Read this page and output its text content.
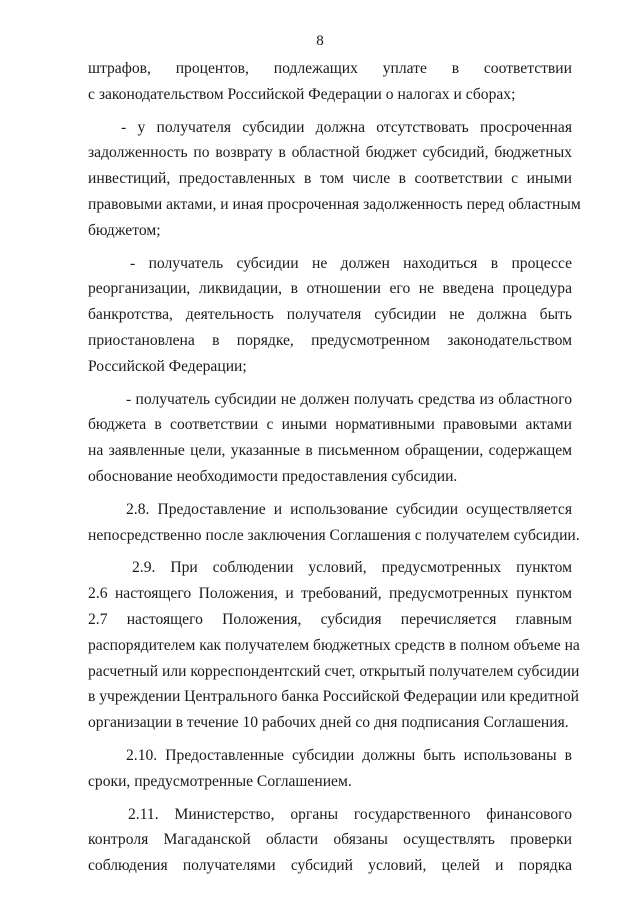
8
штрафов, процентов, подлежащих уплате в соответствии
с законодательством Российской Федерации о налогах и сборах;
- у получателя субсидии должна отсутствовать просроченная
задолженность по возврату в областной бюджет субсидий, бюджетных
инвестиций, предоставленных в том числе в соответствии с иными
правовыми актами, и иная просроченная задолженность перед областным
бюджетом;
- получатель субсидии не должен находиться в процессе
реорганизации, ликвидации, в отношении его не введена процедура
банкротства, деятельность получателя субсидии не должна быть
приостановлена в порядке, предусмотренном законодательством
Российской Федерации;
- получатель субсидии не должен получать средства из областного
бюджета в соответствии с иными нормативными правовыми актами
на заявленные цели, указанные в письменном обращении, содержащем
обоснование необходимости предоставления субсидии.
2.8. Предоставление и использование субсидии осуществляется
непосредственно после заключения Соглашения с получателем субсидии.
2.9. При соблюдении условий, предусмотренных пунктом
2.6 настоящего Положения, и требований, предусмотренных пунктом
2.7 настоящего Положения, субсидия перечисляется главным
распорядителем как получателем бюджетных средств в полном объеме на
расчетный или корреспондентский счет, открытый получателем субсидии
в учреждении Центрального банка Российской Федерации или кредитной
организации в течение 10 рабочих дней со дня подписания Соглашения.
2.10. Предоставленные субсидии должны быть использованы в
сроки, предусмотренные Соглашением.
2.11. Министерство, органы государственного финансового
контроля Магаданской области обязаны осуществлять проверки
соблюдения получателями субсидий условий, целей и порядка
